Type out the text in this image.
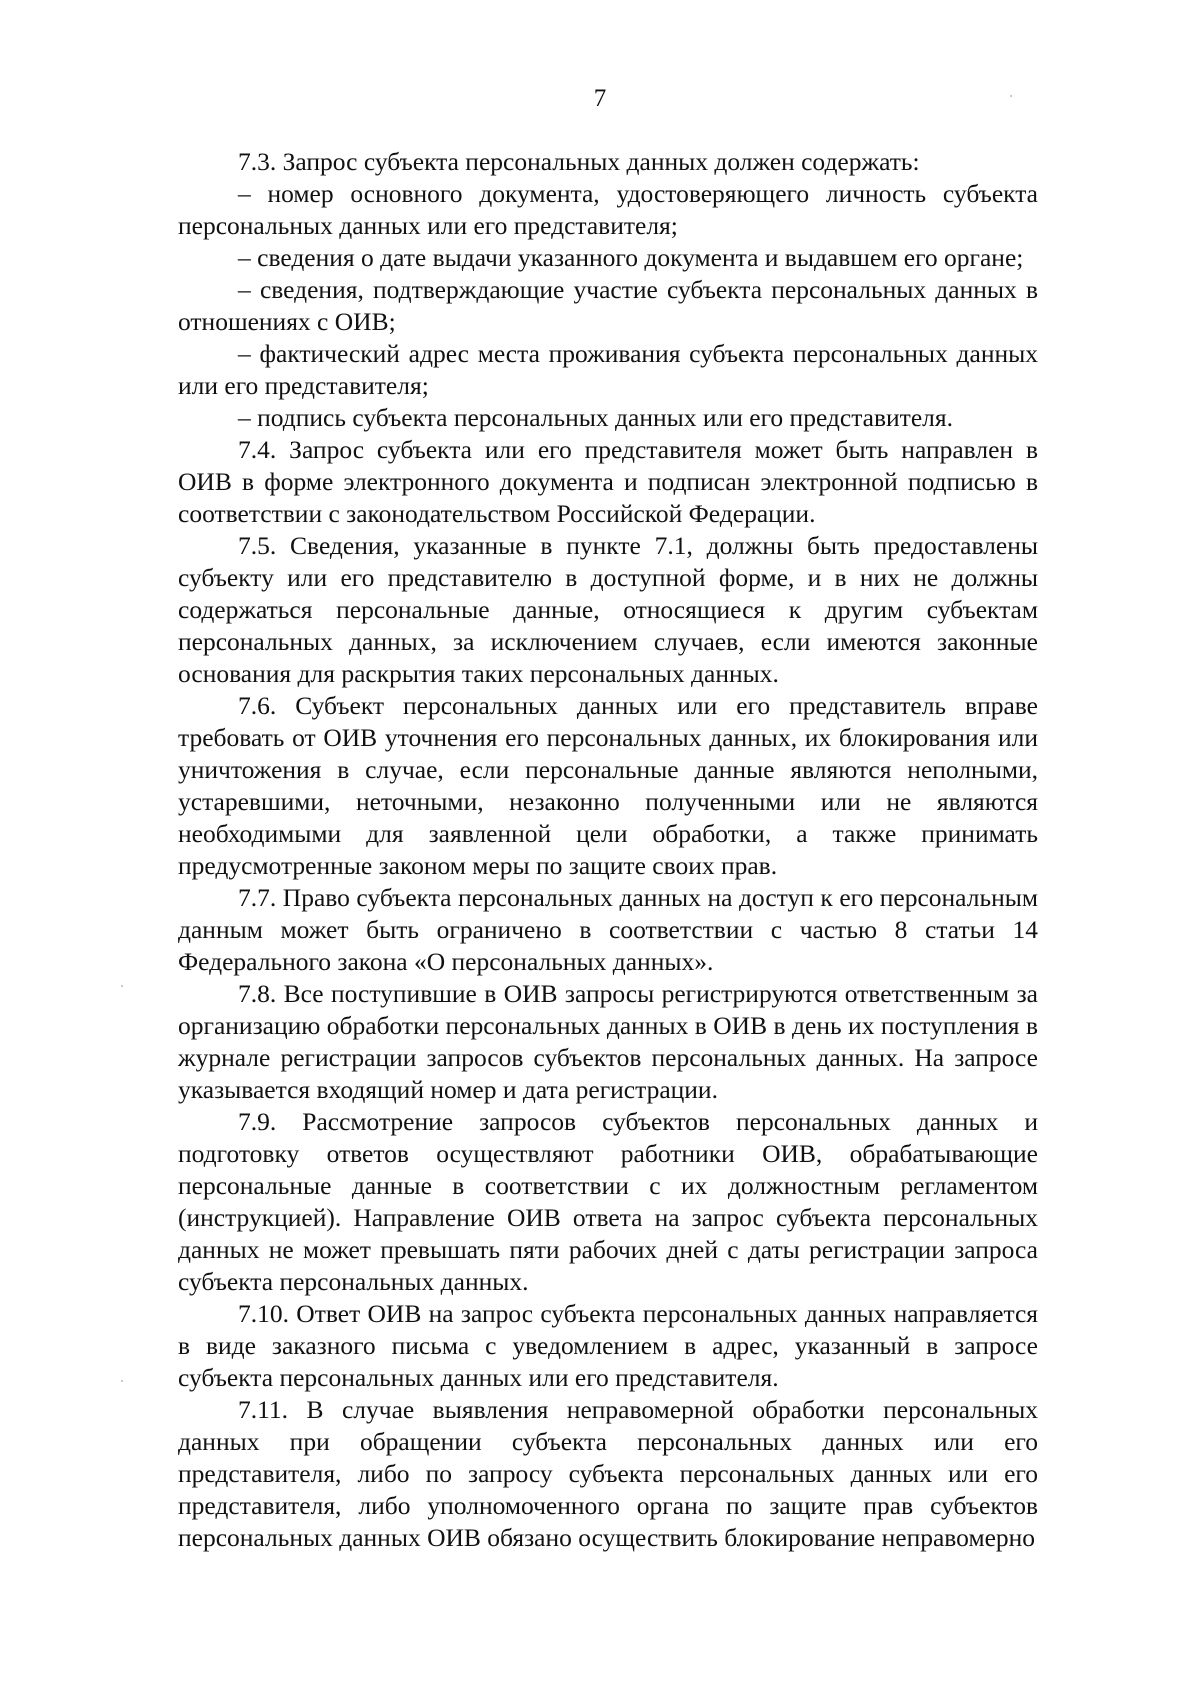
7

7.3. Запрос субъекта персональных данных должен содержать:

– номер основного документа, удостоверяющего личность субъекта персональных данных или его представителя;

– сведения о дате выдачи указанного документа и выдавшем его органе;

– сведения, подтверждающие участие субъекта персональных данных в отношениях с ОИВ;

– фактический адрес места проживания субъекта персональных данных или его представителя;

– подпись субъекта персональных данных или его представителя.

7.4. Запрос субъекта или его представителя может быть направлен в ОИВ в форме электронного документа и подписан электронной подписью в соответствии с законодательством Российской Федерации.

7.5. Сведения, указанные в пункте 7.1, должны быть предоставлены субъекту или его представителю в доступной форме, и в них не должны содержаться персональные данные, относящиеся к другим субъектам персональных данных, за исключением случаев, если имеются законные основания для раскрытия таких персональных данных.

7.6. Субъект персональных данных или его представитель вправе требовать от ОИВ уточнения его персональных данных, их блокирования или уничтожения в случае, если персональные данные являются неполными, устаревшими, неточными, незаконно полученными или не являются необходимыми для заявленной цели обработки, а также принимать предусмотренные законом меры по защите своих прав.

7.7. Право субъекта персональных данных на доступ к его персональным данным может быть ограничено в соответствии с частью 8 статьи 14 Федерального закона «О персональных данных».

7.8. Все поступившие в ОИВ запросы регистрируются ответственным за организацию обработки персональных данных в ОИВ в день их поступления в журнале регистрации запросов субъектов персональных данных. На запросе указывается входящий номер и дата регистрации.

7.9. Рассмотрение запросов субъектов персональных данных и подготовку ответов осуществляют работники ОИВ, обрабатывающие персональные данные в соответствии с их должностным регламентом (инструкцией). Направление ОИВ ответа на запрос субъекта персональных данных не может превышать пяти рабочих дней с даты регистрации запроса субъекта персональных данных.

7.10. Ответ ОИВ на запрос субъекта персональных данных направляется в виде заказного письма с уведомлением в адрес, указанный в запросе субъекта персональных данных или его представителя.

7.11. В случае выявления неправомерной обработки персональных данных при обращении субъекта персональных данных или его представителя, либо по запросу субъекта персональных данных или его представителя, либо уполномоченного органа по защите прав субъектов персональных данных ОИВ обязано осуществить блокирование неправомерно
